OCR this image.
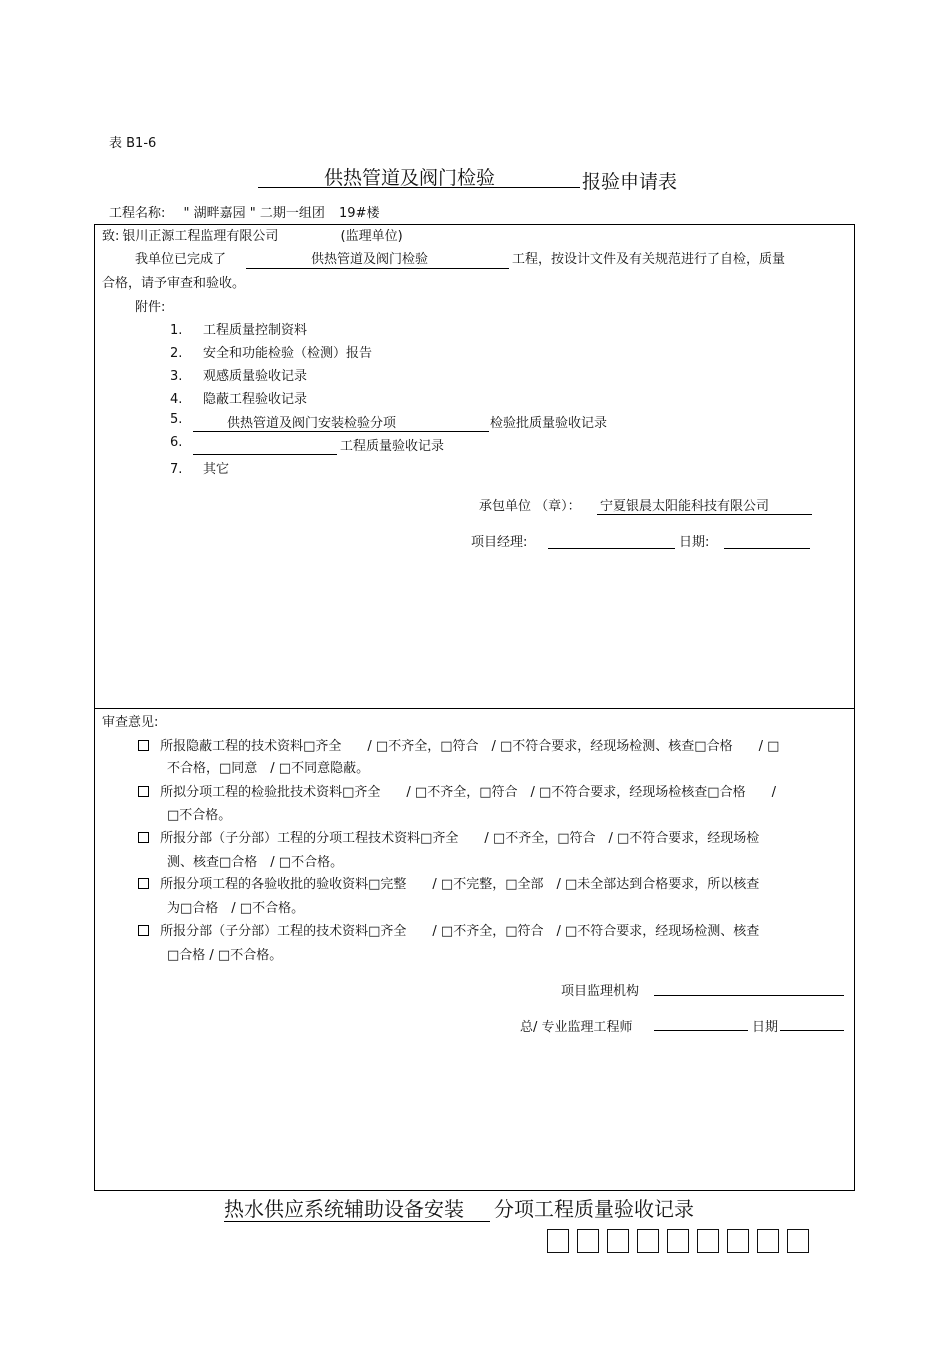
表 B1-6
供热管道及阀门检验	报验申请表
工程名称: " 湖畔嘉园 " 二期一组团 19#楼
致: 银川正源工程监理有限公司	(监理单位)
我单位已完成了	供热管道及阀门检验	工程，按设计文件及有关规范进行了自检，质量
合格，请予审查和验收。
附件:
1. 工程质量控制资料
2. 安全和功能检验（检测）报告
3. 观感质量验收记录
4. 隐蔽工程验收记录
5.	供热管道及阀门安装检验分项	检验批质量验收记录
6.	工程质量验收记录
7. 其它
承包单位 （章）： 宁夏银晨太阳能科技有限公司
项目经理:	日期:
审查意见:
所报隐蔽工程的技术资料□齐全　　/ □不齐全，□符合　/ □不符合要求，经现场检测、核查□合格　　/ □
不合格，□同意　/ □不同意隐蔽。
所拟分项工程的检验批技术资料□齐全　　/ □不齐全，□符合　/ □不符合要求，经现场检核查□合格　　/
□不合格。
所报分部（子分部）工程的分项工程技术资料□齐全　　/ □不齐全，□符合　/ □不符合要求，经现场检
测、核查□合格　/ □不合格。
所报分项工程的各验收批的验收资料□完整　　/ □不完整，□全部　/ □未全部达到合格要求，所以核查
为□合格　/ □不合格。
所报分部（子分部）工程的技术资料□齐全　　/ □不齐全，□符合　/ □不符合要求，经现场检测、核查
□合格 / □不合格。
项目监理机构
总/ 专业监理工程师	日期
热水供应系统辅助设备安装 分项工程质量验收记录
